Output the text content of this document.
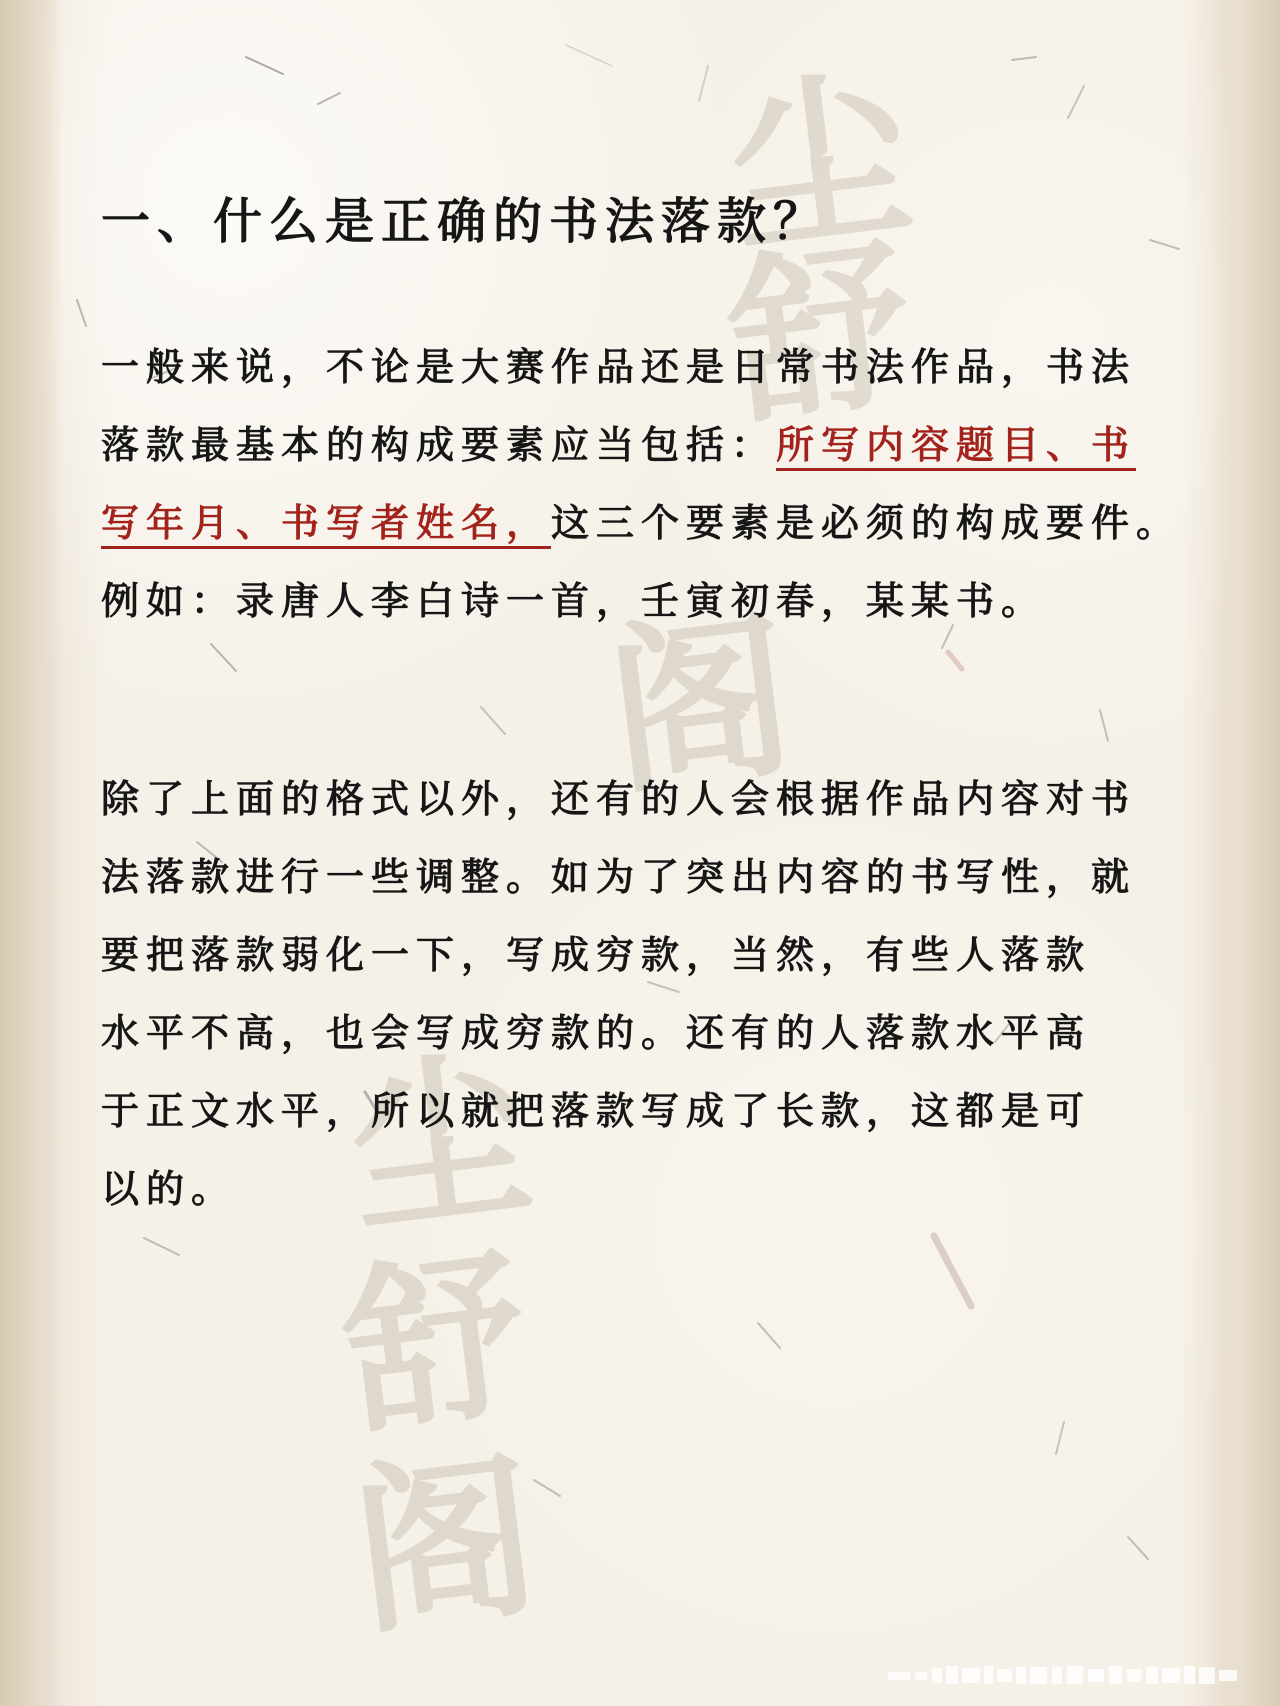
尘
舒
阁
尘
舒
阁
一、什么是正确的书法落款？

一般来说，不论是大赛作品还是日常书法作品，书法
落款最基本的构成要素应当包括：所写内容题目、书
写年月、书写者姓名，这三个要素是必须的构成要件。
例如：录唐人李白诗一首，壬寅初春，某某书。

除了上面的格式以外，还有的人会根据作品内容对书
法落款进行一些调整。如为了突出内容的书写性，就
要把落款弱化一下，写成穷款，当然，有些人落款
水平不高，也会写成穷款的。还有的人落款水平高
于正文水平，所以就把落款写成了长款，这都是可
以的。
